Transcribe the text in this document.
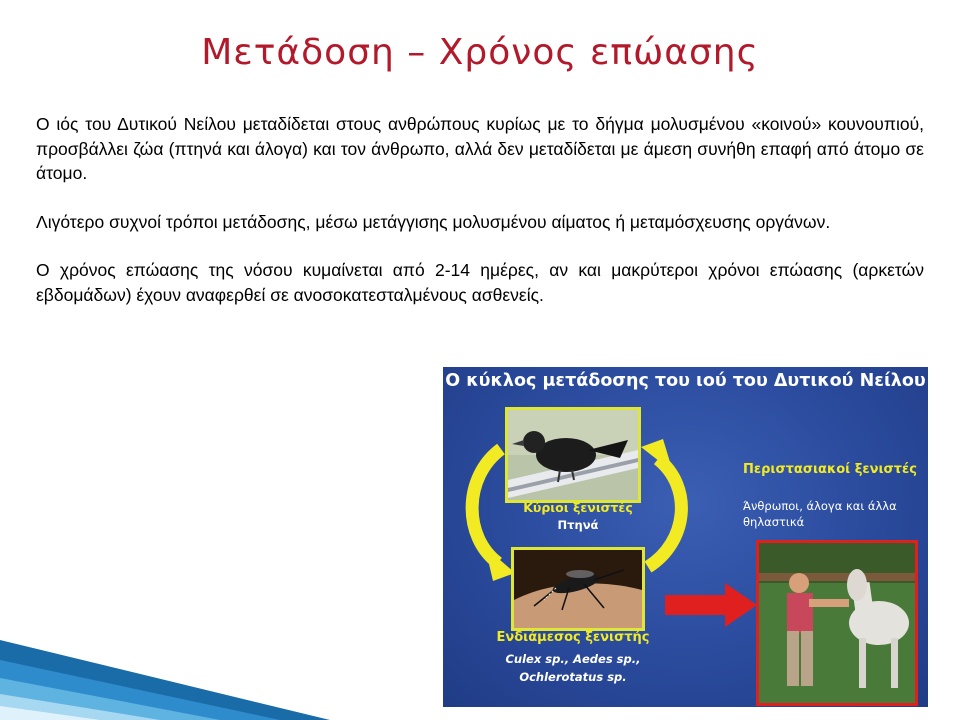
Μετάδοση – Χρόνος επώασης

Ο ιός του Δυτικού Νείλου μεταδίδεται στους ανθρώπους κυρίως με το δήγμα μολυσμένου «κοινού» κουνουπιού, προσβάλλει ζώα (πτηνά και άλογα) και τον άνθρωπο, αλλά δεν μεταδίδεται με άμεση συνήθη επαφή από άτομο σε άτομο.

Λιγότερο συχνοί τρόποι μετάδοσης, μέσω μετάγγισης μολυσμένου αίματος ή μεταμόσχευσης οργάνων.

Ο χρόνος επώασης της νόσου κυμαίνεται από 2-14 ημέρες, αν και μακρύτεροι χρόνοι επώασης (αρκετών εβδομάδων) έχουν αναφερθεί σε ανοσοκατεσταλμένους ασθενείς.

Ο κύκλος μετάδοσης του ιού του Δυτικού Νείλου
Κύριοι ξενιστές
Πτηνά
Ενδιάμεσος ξενιστής
Culex sp., Aedes sp., Ochlerotatus sp.
Περιστασιακοί ξενιστές
Άνθρωποι, άλογα και άλλα θηλαστικά
